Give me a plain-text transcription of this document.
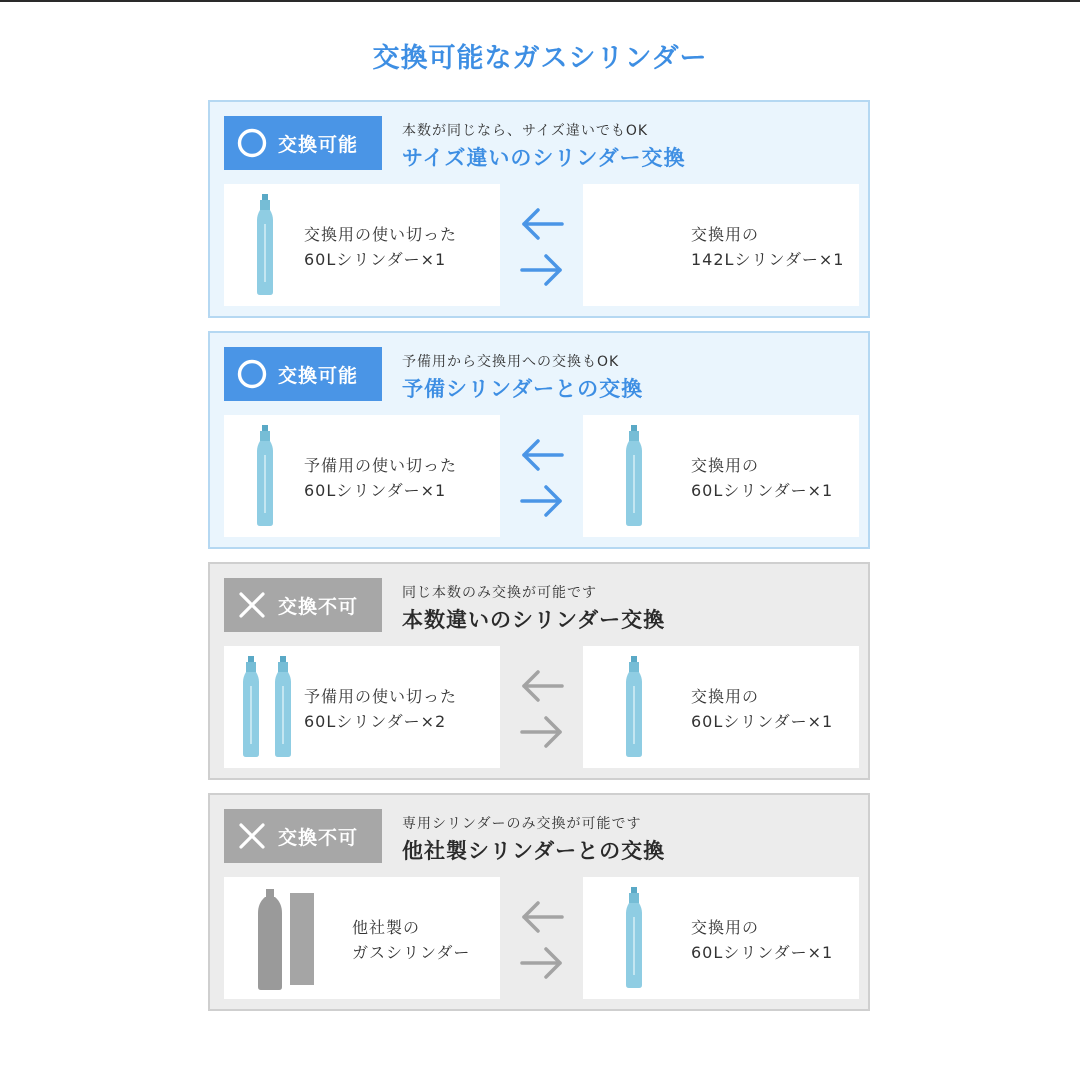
交換可能なガスシリンダー
交換可能
本数が同じなら、サイズ違いでもOK
サイズ違いのシリンダー交換
交換用の使い切った
60Lシリンダー×1
交換用の
142Lシリンダー×1
交換可能
予備用から交換用への交換もOK
予備シリンダーとの交換
予備用の使い切った
60Lシリンダー×1
交換用の
60Lシリンダー×1
交換不可
同じ本数のみ交換が可能です
本数違いのシリンダー交換
予備用の使い切った
60Lシリンダー×2
交換用の
60Lシリンダー×1
交換不可
専用シリンダーのみ交換が可能です
他社製シリンダーとの交換
他社製の
ガスシリンダー
交換用の
60Lシリンダー×1
